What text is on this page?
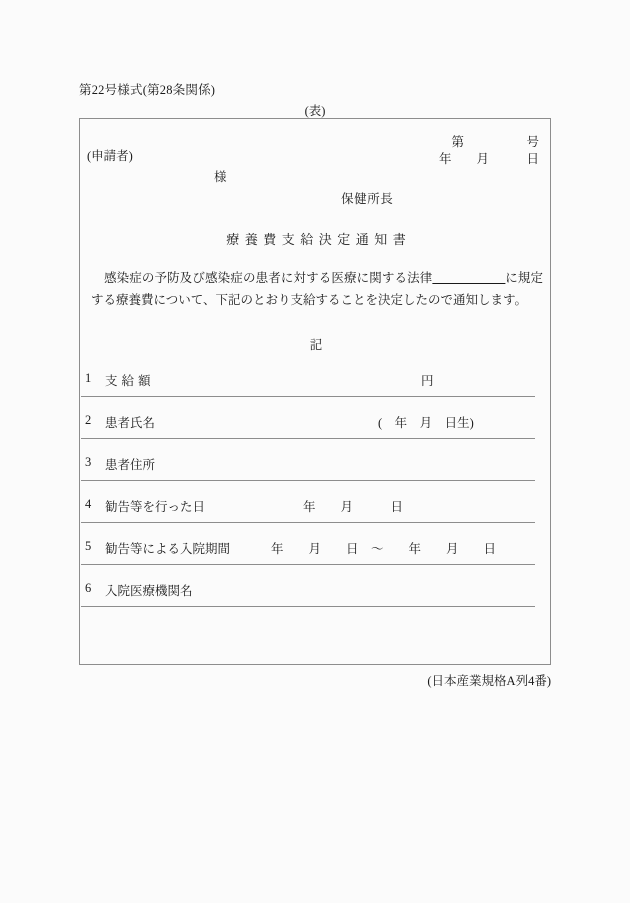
第22号様式(第28条関係)
(表)
(申請者)
様
保健所長
第　　　　　号
年　　月　　　日
療養費支給決定通知書
感染症の予防及び感染症の患者に対する医療に関する法律＿＿＿＿＿＿に規定する療養費について、下記のとおり支給することを決定したので通知します。
記
1 支給額	円
2 患者氏名	(　年　月　日生)
3 患者住所
4 勧告等を行った日	年　　月　　　日
5 勧告等による入院期間	年　　月　　日　〜　　年　　月　　日
6 入院医療機関名
(日本産業規格A列4番)
